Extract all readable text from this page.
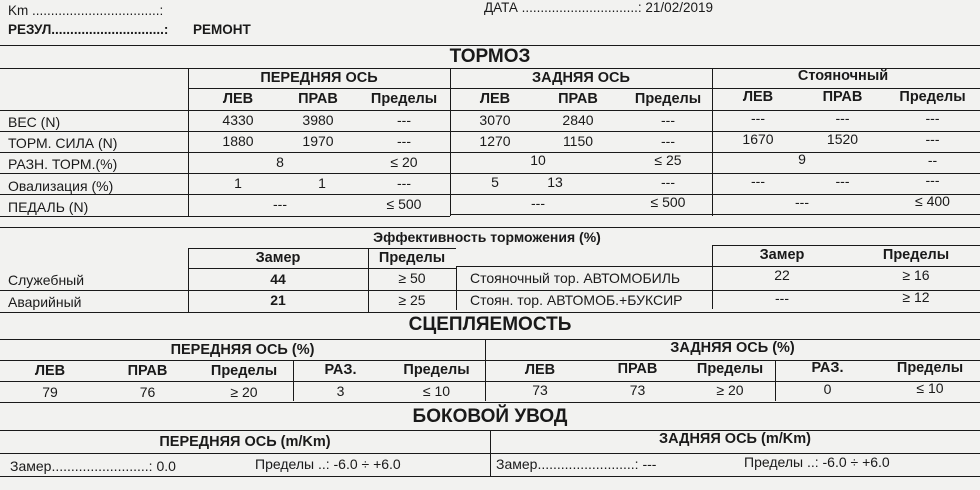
Km ..................................:	ДАТА ...............................: 21/02/2019
РЕЗУЛ..............................: РЕМОНТ
ТОРМОЗ
ПЕРЕДНЯЯ ОСЬ	ЗАДНЯЯ ОСЬ	Стояночный
ЛЕВ	ПРАВ	Пределы	ЛЕВ	ПРАВ	Пределы	ЛЕВ	ПРАВ	Пределы
ВЕС (N)	4330	3980	---	3070	2840	---	---	---	---
ТОРМ. СИЛА (N)	1880	1970	---	1270	1150	---	1670	1520	---
РАЗН. ТОРМ.(%)	8	≤ 20	10	≤ 25	9	--
Овализация (%)	1	1	---	5	13	---	---	---	---
ПЕДАЛЬ (N)	---	≤ 500	---	≤ 500	---	≤ 400
Эффективность торможения (%)
Замер	Пределы	Замер	Пределы
Служебный	44	≥ 50	Стояночный тор. АВТОМОБИЛЬ	22	≥ 16
Аварийный	21	≥ 25	Стоян. тор. АВТОМОБ.+БУКСИР	---	≥ 12
СЦЕПЛЯЕМОСТЬ
ПЕРЕДНЯЯ ОСЬ (%)	ЗАДНЯЯ ОСЬ (%)
ЛЕВ	ПРАВ	Пределы	РАЗ.	Пределы	ЛЕВ	ПРАВ	Пределы	РАЗ.	Пределы
79	76	≥ 20	3	≤ 10	73	73	≥ 20	0	≤ 10
БОКОВОЙ УВОД
ПЕРЕДНЯЯ ОСЬ (m/Km)	ЗАДНЯЯ ОСЬ (m/Km)
Замер.........................: 0.0	Пределы ..: -6.0 ÷ +6.0	Замер.........................: ---	Пределы ..: -6.0 ÷ +6.0
